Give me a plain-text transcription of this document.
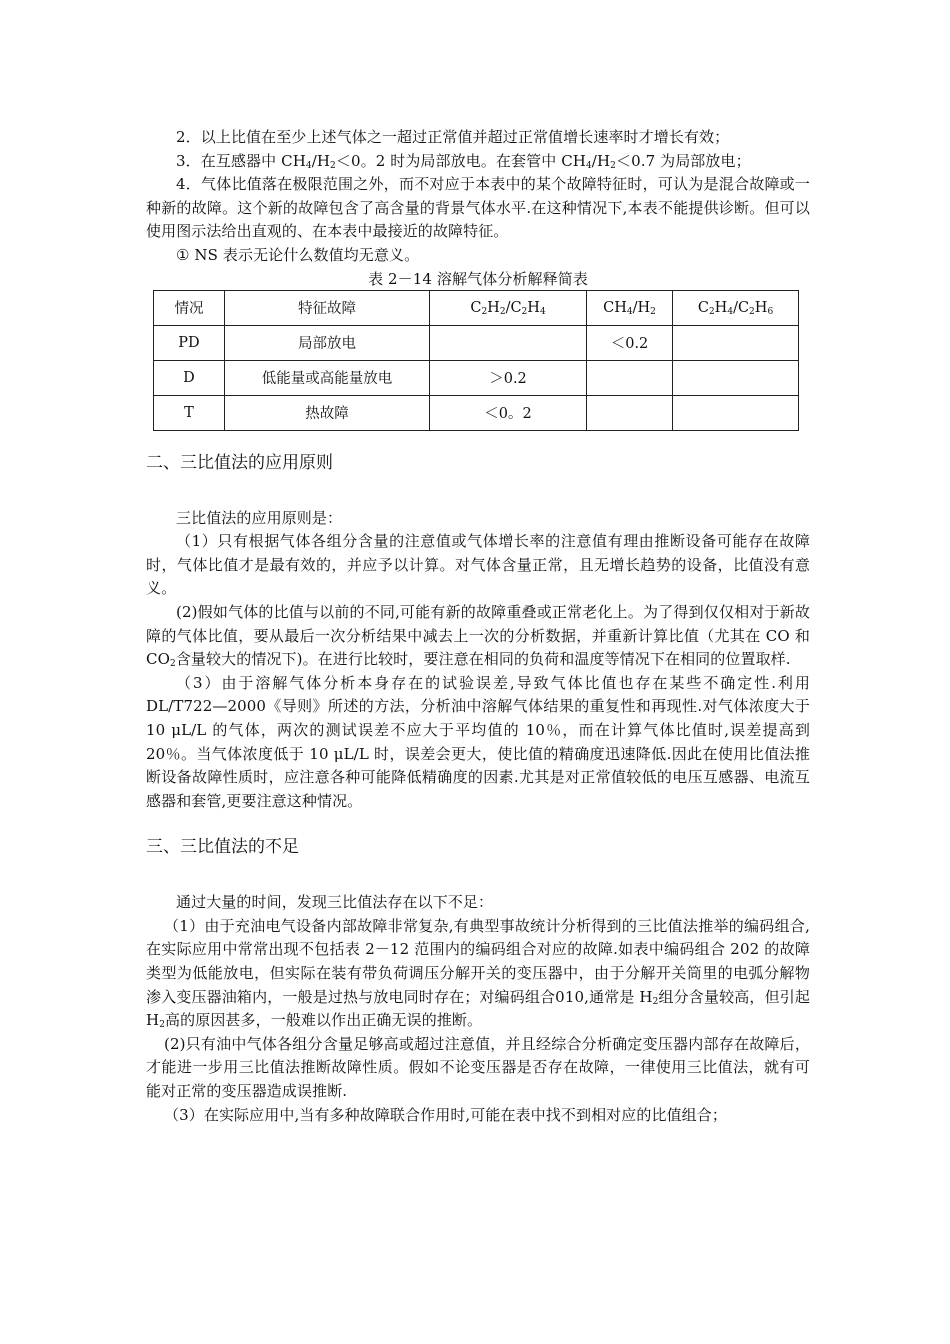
2．以上比值在至少上述气体之一超过正常值并超过正常值增长速率时才增长有效；

3．在互感器中 $CH_4/H_2<0$。2 时为局部放电。在套管中 $CH_4/H_2<0.7$ 为局部放电；

4．气体比值落在极限范围之外，而不对应于本表中的某个故障特征时，可认为是混合故障或一种新的故障。这个新的故障包含了高含量的背景气体水平.在这种情况下,本表不能提供诊断。但可以使用图示法给出直观的、在本表中最接近的故障特征。

① NS 表示无论什么数值均无意义。

表 2－14 溶解气体分析解释简表

情况	特征故障	$C_2H_2/C_2H_4$	$CH_4/H_2$	$C_2H_4/C_2H_6$
PD	局部放电		＜0.2	
D	低能量或高能量放电	＞0.2		
T	热故障	＜0。2		
二、三比值法的应用原则

三比值法的应用原则是：

（1）只有根据气体各组分含量的注意值或气体增长率的注意值有理由推断设备可能存在故障时，气体比值才是最有效的，并应予以计算。对气体含量正常，且无增长趋势的设备，比值没有意义。

(2)假如气体的比值与以前的不同,可能有新的故障重叠或正常老化上。为了得到仅仅相对于新故障的气体比值，要从最后一次分析结果中减去上一次的分析数据，并重新计算比值（尤其在 CO 和 $CO_2$含量较大的情况下)。在进行比较时，要注意在相同的负荷和温度等情况下在相同的位置取样.

（3）由于溶解气体分析本身存在的试验误差,导致气体比值也存在某些不确定性.利用 DL/T722—2000《导则》所述的方法，分析油中溶解气体结果的重复性和再现性.对气体浓度大于 10 μL/L 的气体，两次的测试误差不应大于平均值的 10％，而在计算气体比值时,误差提高到 20％。当气体浓度低于 10 μL/L 时，误差会更大，使比值的精确度迅速降低.因此在使用比值法推断设备故障性质时，应注意各种可能降低精确度的因素.尤其是对正常值较低的电压互感器、电流互感器和套管,更要注意这种情况。

三、三比值法的不足

通过大量的时间，发现三比值法存在以下不足：

（1）由于充油电气设备内部故障非常复杂,有典型事故统计分析得到的三比值法推举的编码组合,在实际应用中常常出现不包括表 2－12 范围内的编码组合对应的故障.如表中编码组合 202 的故障类型为低能放电，但实际在装有带负荷调压分解开关的变压器中，由于分解开关筒里的电弧分解物渗入变压器油箱内，一般是过热与放电同时存在；对编码组合010,通常是 $H_2$组分含量较高，但引起 $H_2$高的原因甚多，一般难以作出正确无误的推断。

(2)只有油中气体各组分含量足够高或超过注意值，并且经综合分析确定变压器内部存在故障后，才能进一步用三比值法推断故障性质。假如不论变压器是否存在故障，一律使用三比值法，就有可能对正常的变压器造成误推断.

（3）在实际应用中,当有多种故障联合作用时,可能在表中找不到相对应的比值组合；
